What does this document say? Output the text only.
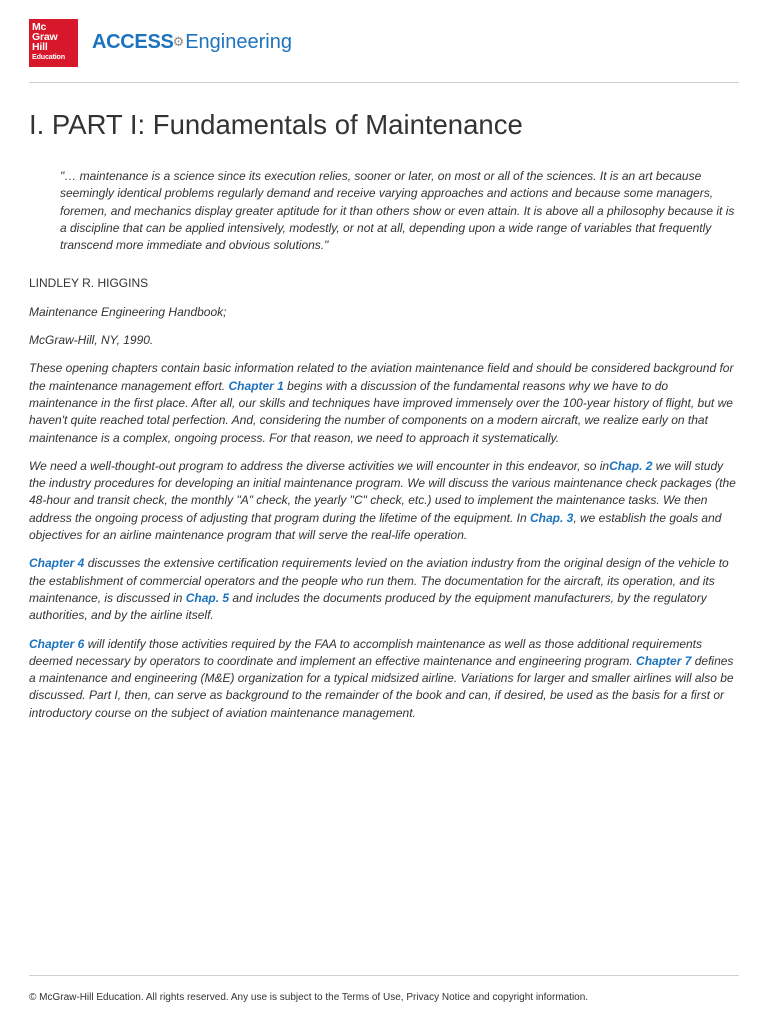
Mc
Graw
Hill
Education
ACCESS⚙Engineering
I. PART I: Fundamentals of Maintenance

"… maintenance is a science since its execution relies, sooner or later, on most or all of the sciences. It is an art because seemingly identical problems regularly demand and receive varying approaches and actions and because some managers, foremen, and mechanics display greater aptitude for it than others show or even attain. It is above all a philosophy because it is a discipline that can be applied intensively, modestly, or not at all, depending upon a wide range of variables that frequently transcend more immediate and obvious solutions."

LINDLEY R. HIGGINS

Maintenance Engineering Handbook;

McGraw-Hill, NY, 1990.

These opening chapters contain basic information related to the aviation maintenance field and should be considered background for the maintenance management effort. Chapter 1 begins with a discussion of the fundamental reasons why we have to do maintenance in the first place. After all, our skills and techniques have improved immensely over the 100-year history of flight, but we haven't quite reached total perfection. And, considering the number of components on a modern aircraft, we realize early on that maintenance is a complex, ongoing process. For that reason, we need to approach it systematically.

We need a well-thought-out program to address the diverse activities we will encounter in this endeavor, so inChap. 2 we will study the industry procedures for developing an initial maintenance program. We will discuss the various maintenance check packages (the 48-hour and transit check, the monthly "A" check, the yearly "C" check, etc.) used to implement the maintenance tasks. We then address the ongoing process of adjusting that program during the lifetime of the equipment. In Chap. 3, we establish the goals and objectives for an airline maintenance program that will serve the real-life operation.

Chapter 4 discusses the extensive certification requirements levied on the aviation industry from the original design of the vehicle to the establishment of commercial operators and the people who run them. The documentation for the aircraft, its operation, and its maintenance, is discussed in Chap. 5 and includes the documents produced by the equipment manufacturers, by the regulatory authorities, and by the airline itself.

Chapter 6 will identify those activities required by the FAA to accomplish maintenance as well as those additional requirements deemed necessary by operators to coordinate and implement an effective maintenance and engineering program. Chapter 7 defines a maintenance and engineering (M&E) organization for a typical midsized airline. Variations for larger and smaller airlines will also be discussed. Part I, then, can serve as background to the remainder of the book and can, if desired, be used as the basis for a first or introductory course on the subject of aviation maintenance management.

© McGraw-Hill Education. All rights reserved. Any use is subject to the Terms of Use, Privacy Notice and copyright information.
